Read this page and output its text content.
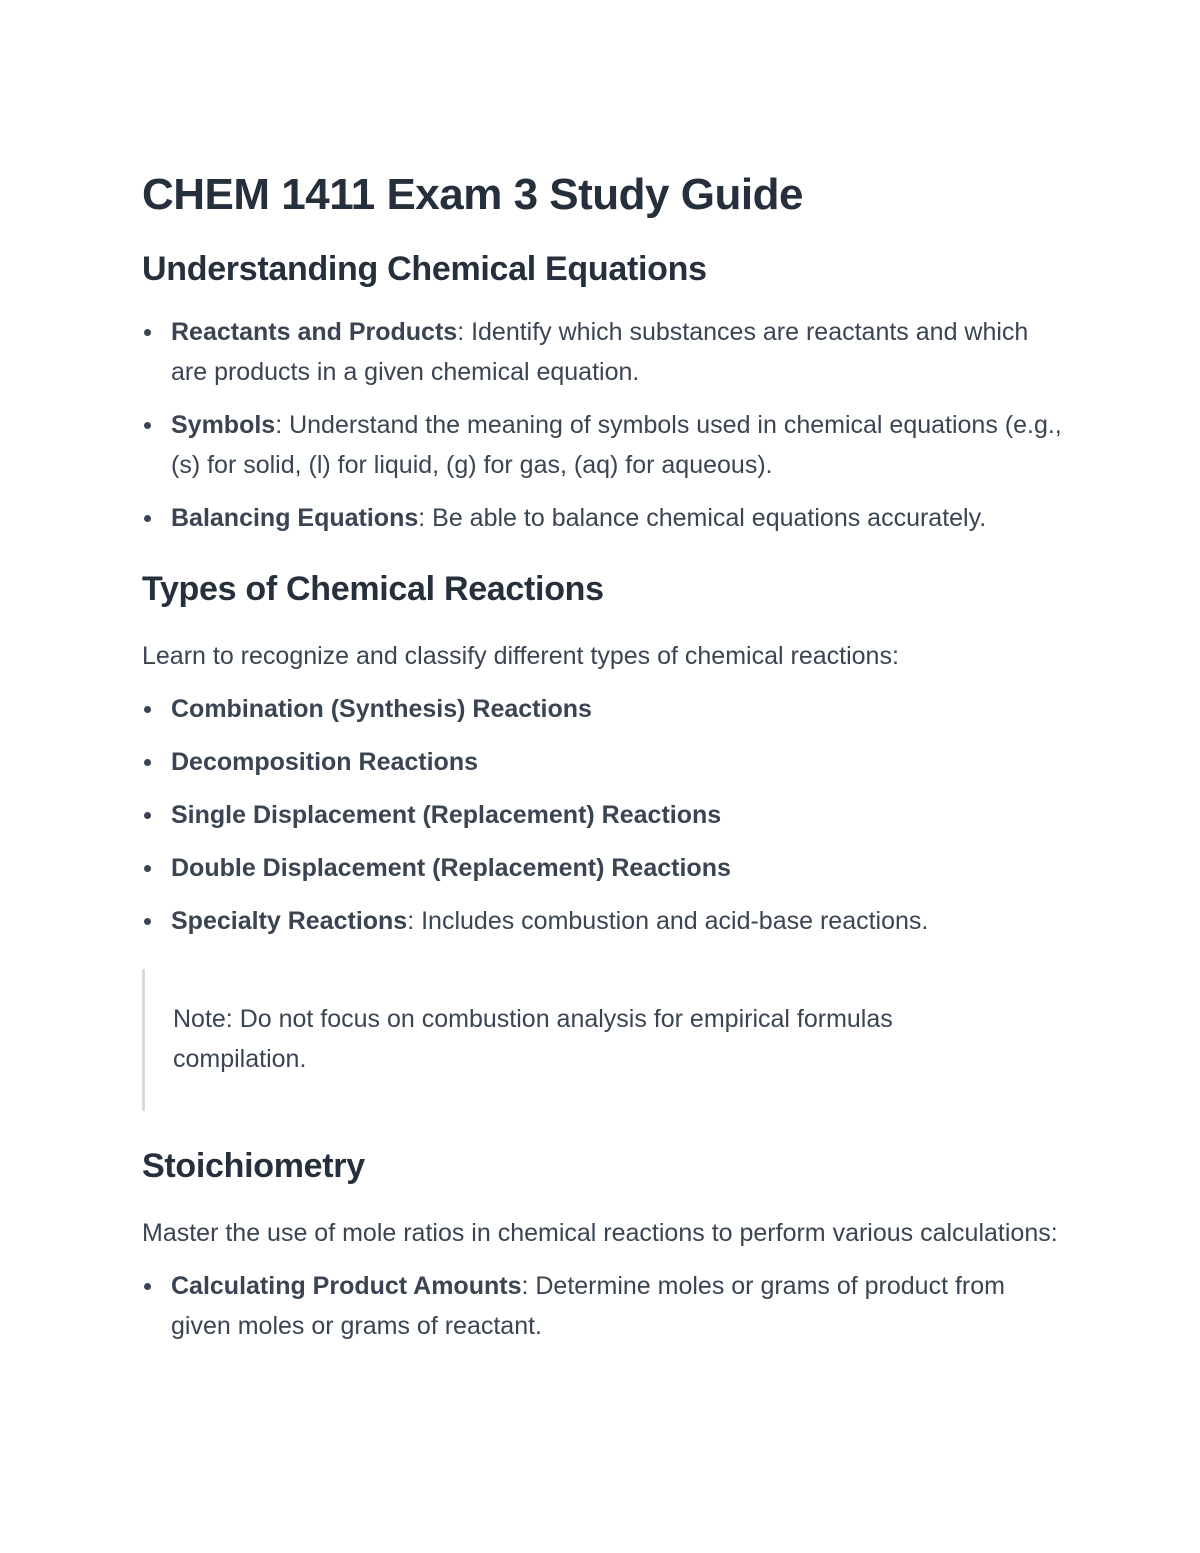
CHEM 1411 Exam 3 Study Guide
Understanding Chemical Equations
Reactants and Products: Identify which substances are reactants and which are products in a given chemical equation.
Symbols: Understand the meaning of symbols used in chemical equations (e.g., (s) for solid, (l) for liquid, (g) for gas, (aq) for aqueous).
Balancing Equations: Be able to balance chemical equations accurately.
Types of Chemical Reactions

Learn to recognize and classify different types of chemical reactions:

Combination (Synthesis) Reactions
Decomposition Reactions
Single Displacement (Replacement) Reactions
Double Displacement (Replacement) Reactions
Specialty Reactions: Includes combustion and acid-base reactions.

Note: Do not focus on combustion analysis for empirical formulas compilation.

Stoichiometry

Master the use of mole ratios in chemical reactions to perform various calculations:

Calculating Product Amounts: Determine moles or grams of product from given moles or grams of reactant.
